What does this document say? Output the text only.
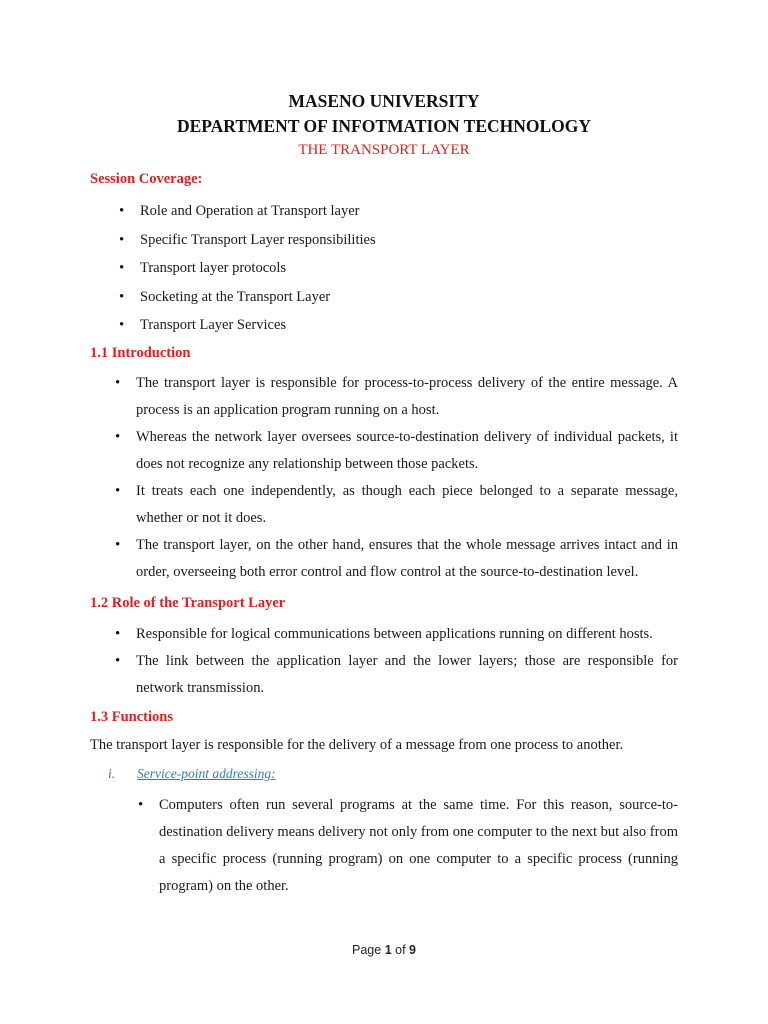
MASENO UNIVERSITY
DEPARTMENT OF INFOTMATION TECHNOLOGY
THE TRANSPORT LAYER
Session Coverage:
• Role and Operation at Transport layer
• Specific Transport Layer responsibilities
• Transport layer protocols
• Socketing at the Transport Layer
• Transport Layer Services
1.1 Introduction
• The transport layer is responsible for process-to-process delivery of the entire message. A process is an application program running on a host.
• Whereas the network layer oversees source-to-destination delivery of individual packets, it does not recognize any relationship between those packets.
• It treats each one independently, as though each piece belonged to a separate message, whether or not it does.
• The transport layer, on the other hand, ensures that the whole message arrives intact and in order, overseeing both error control and flow control at the source-to-destination level.
1.2 Role of the Transport Layer
• Responsible for logical communications between applications running on different hosts.
• The link between the application layer and the lower layers; those are responsible for network transmission.
1.3 Functions
The transport layer is responsible for the delivery of a message from one process to another.
i. Service-point addressing:
• Computers often run several programs at the same time. For this reason, source-to-destination delivery means delivery not only from one computer to the next but also from a specific process (running program) on one computer to a specific process (running program) on the other.
Page 1 of 9
